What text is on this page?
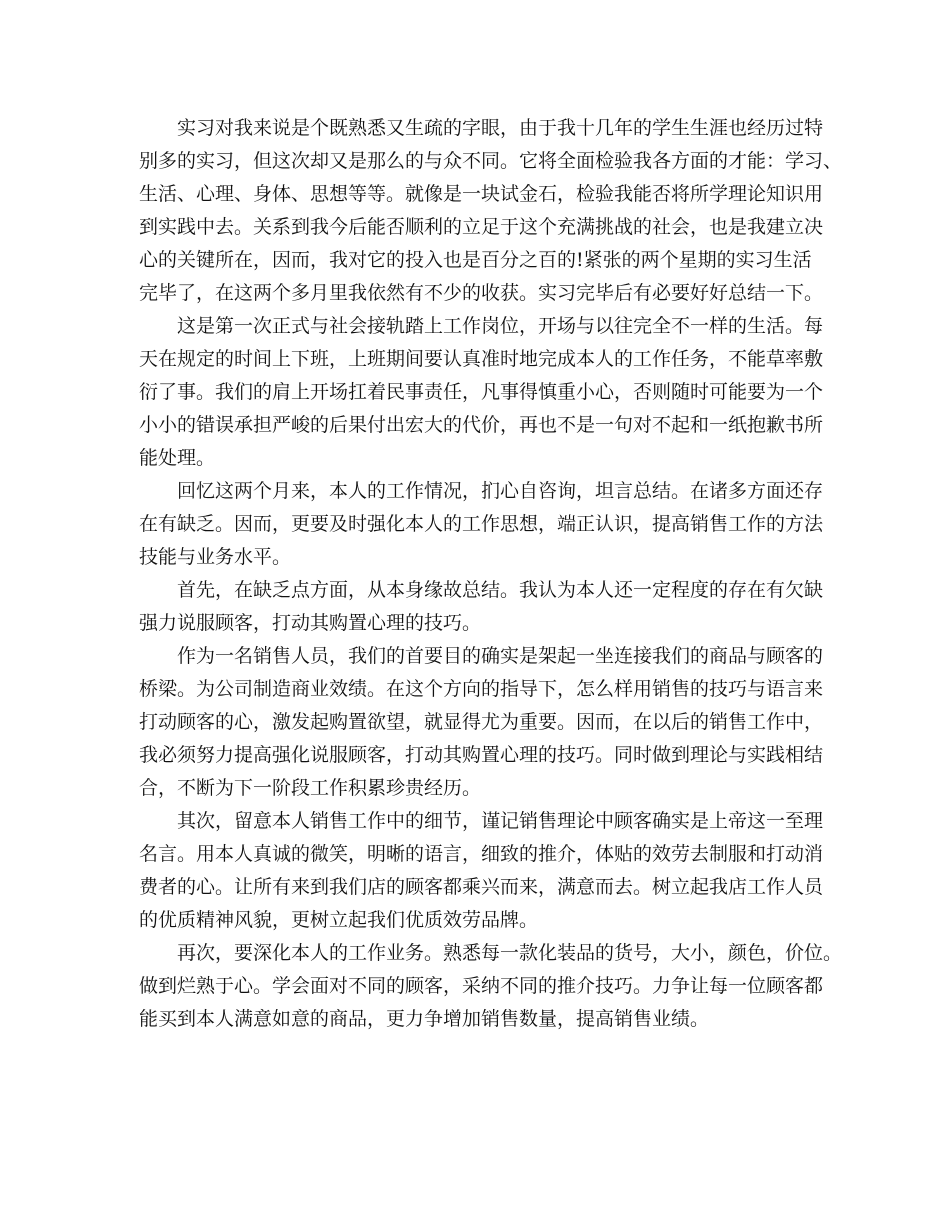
实习对我来说是个既熟悉又生疏的字眼，由于我十几年的学生生涯也经历过特
别多的实习，但这次却又是那么的与众不同。它将全面检验我各方面的才能：学习、
生活、心理、身体、思想等等。就像是一块试金石，检验我能否将所学理论知识用
到实践中去。关系到我今后能否顺利的立足于这个充满挑战的社会，也是我建立决
心的关键所在，因而，我对它的投入也是百分之百的!紧张的两个星期的实习生活
完毕了，在这两个多月里我依然有不少的收获。实习完毕后有必要好好总结一下。
这是第一次正式与社会接轨踏上工作岗位，开场与以往完全不一样的生活。每
天在规定的时间上下班，上班期间要认真准时地完成本人的工作任务，不能草率敷
衍了事。我们的肩上开场扛着民事责任，凡事得慎重小心，否则随时可能要为一个
小小的错误承担严峻的后果付出宏大的代价，再也不是一句对不起和一纸抱歉书所
能处理。
回忆这两个月来，本人的工作情况，扪心自咨询，坦言总结。在诸多方面还存
在有缺乏。因而，更要及时强化本人的工作思想，端正认识，提高销售工作的方法
技能与业务水平。
首先，在缺乏点方面，从本身缘故总结。我认为本人还一定程度的存在有欠缺
强力说服顾客，打动其购置心理的技巧。
作为一名销售人员，我们的首要目的确实是架起一坐连接我们的商品与顾客的
桥梁。为公司制造商业效绩。在这个方向的指导下，怎么样用销售的技巧与语言来
打动顾客的心，激发起购置欲望，就显得尤为重要。因而，在以后的销售工作中，
我必须努力提高强化说服顾客，打动其购置心理的技巧。同时做到理论与实践相结
合，不断为下一阶段工作积累珍贵经历。
其次，留意本人销售工作中的细节，谨记销售理论中顾客确实是上帝这一至理
名言。用本人真诚的微笑，明晰的语言，细致的推介，体贴的效劳去制服和打动消
费者的心。让所有来到我们店的顾客都乘兴而来，满意而去。树立起我店工作人员
的优质精神风貌，更树立起我们优质效劳品牌。
再次，要深化本人的工作业务。熟悉每一款化装品的货号，大小，颜色，价位。
做到烂熟于心。学会面对不同的顾客，采纳不同的推介技巧。力争让每一位顾客都
能买到本人满意如意的商品，更力争增加销售数量，提高销售业绩。
